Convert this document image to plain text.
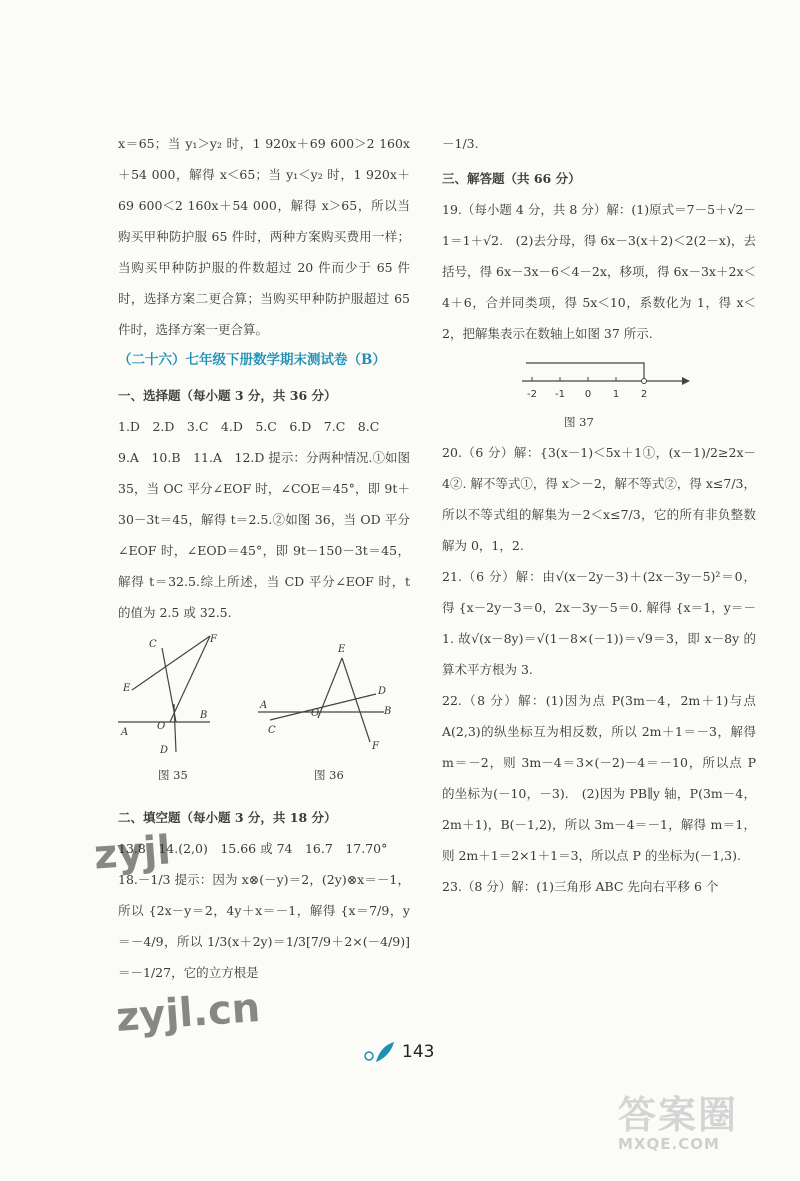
x＝65；当 y₁＞y₂ 时，1 920x＋69 600＞2 160x＋54 000，解得 x＜65；当 y₁＜y₂ 时，1 920x＋69 600＜2 160x＋54 000，解得 x＞65，所以当购买甲种防护服 65 件时，两种方案购买费用一样；当购买甲种防护服的件数超过 20 件而少于 65 件时，选择方案二更合算；当购买甲种防护服超过 65 件时，选择方案一更合算。

（二十六）七年级下册数学期末测试卷（B）

一、选择题（每小题 3 分，共 36 分）

1.D　2.D　3.C　4.D　5.C　6.D　7.C　8.C

9.A　10.B　11.A　12.D 提示：分两种情况.①如图 35，当 OC 平分∠EOF 时，∠COE＝45°，即 9t＋30－3t＝45，解得 t＝2.5.②如图 36，当 OD 平分∠EOF 时，∠EOD＝45°，即 9t－150－3t＝45，解得 t＝32.5.综上所述，当 CD 平分∠EOF 时，t 的值为 2.5 或 32.5.

C	F
E
A
O
B
D
E
D
A
O	B
C
F
图 35	图 36

二、填空题（每小题 3 分，共 18 分）

13.8　14.(2,0)　15.66 或 74　16.7　17.70°

18.－1/3 提示：因为 x⊗(－y)＝2，(2y)⊗x＝－1，所以 {2x－y＝2，4y＋x＝－1，解得 {x＝7/9，y＝－4/9，所以 1/3(x＋2y)＝1/3[7/9＋2×(－4/9)]＝－1/27，它的立方根是

－1/3.

三、解答题（共 66 分）

19.（每小题 4 分，共 8 分）解：(1)原式＝7－5＋√2－1＝1＋√2.　(2)去分母，得 6x－3(x＋2)＜2(2－x)，去括号，得 6x－3x－6＜4－2x，移项，得 6x－3x＋2x＜4＋6，合并同类项，得 5x＜10，系数化为 1，得 x＜2，把解集表示在数轴上如图 37 所示.

-2 -1 0 1 2
图 37

20.（6 分）解：{3(x－1)＜5x＋1①，(x－1)/2≥2x－4②. 解不等式①，得 x＞－2，解不等式②，得 x≤7/3，所以不等式组的解集为－2＜x≤7/3，它的所有非负整数解为 0，1，2.

21.（6 分）解：由√(x－2y－3)＋(2x－3y－5)²＝0，得 {x－2y－3＝0，2x－3y－5＝0. 解得 {x＝1，y＝－1. 故√(x－8y)＝√(1－8×(－1))＝√9＝3，即 x－8y 的算术平方根为 3.

22.（8 分）解：(1)因为点 P(3m－4，2m＋1)与点 A(2,3)的纵坐标互为相反数，所以 2m＋1＝－3，解得 m＝－2，则 3m－4＝3×(－2)－4＝－10，所以点 P 的坐标为(－10，－3).　(2)因为 PB∥y 轴，P(3m－4，2m＋1)，B(－1,2)，所以 3m－4＝－1，解得 m＝1，则 2m＋1＝2×1＋1＝3，所以点 P 的坐标为(－1,3).

23.（8 分）解：(1)三角形 ABC 先向右平移 6 个

143
zyjl
zyjl.cn
答案圈
MXQE.COM
